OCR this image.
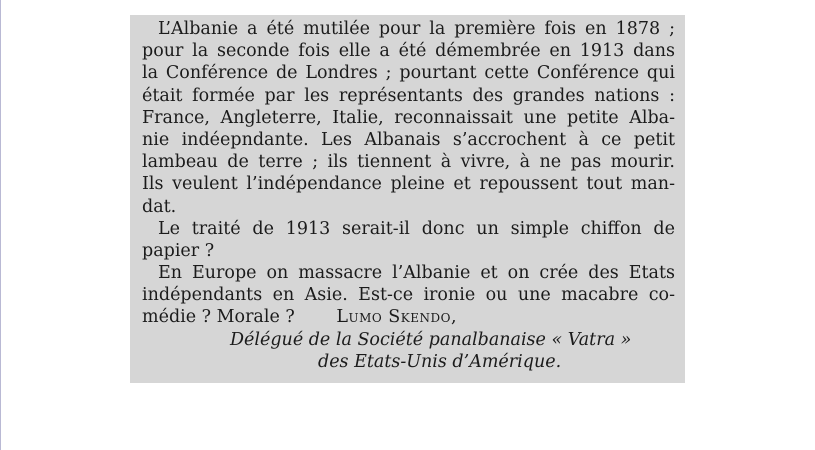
L’Albanie a été mutilée pour la première fois en 1878 ;
pour la seconde fois elle a été démembrée en 1913 dans
la Conférence de Londres ; pourtant cette Conférence qui
était formée par les représentants des grandes nations :
France, Angleterre, Italie, reconnaissait une petite Alba-
nie indéepndante. Les Albanais s’accrochent à ce petit
lambeau de terre ; ils tiennent à vivre, à ne pas mourir.
Ils veulent l’indépendance pleine et repoussent tout man-
dat.
Le traité de 1913 serait-il donc un simple chiffon de
papier ?
En Europe on massacre l’Albanie et on crée des Etats
indépendants en Asie. Est-ce ironie ou une macabre co-
médie ? Morale ? Lumo Skendo,
Délégué de la Société panalbanaise « Vatra »
des Etats-Unis d’Amérique.
